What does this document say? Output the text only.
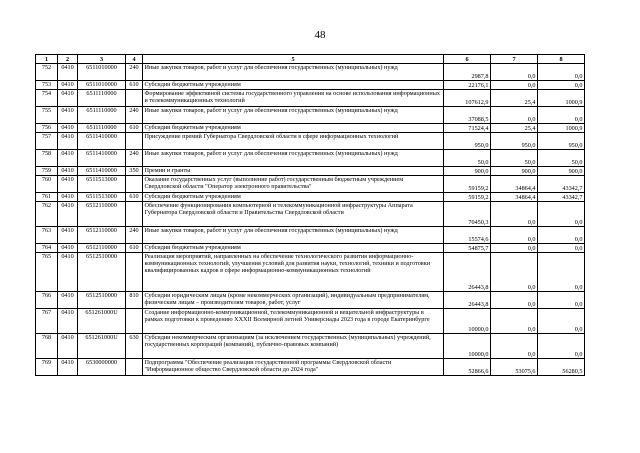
48
1	2	3	4	5	6	7	8
752	0410	6511010000	240	Иные закупки товаров, работ и услуг для обеспечения государственных (муниципальных) нужд	2987,8	0,0	0,0
753	0410	6511010000	610	Субсидии бюджетным учреждениям	22176,1	0,0	0,0
754	0410	6511110000		Формирование эффективной системы государственного управления на основе использования информационных и телекоммуникационных технологий	107612,9	25,4	1000,9
755	0410	6511110000	240	Иные закупки товаров, работ и услуг для обеспечения государственных (муниципальных) нужд	37088,5	0,0	0,0
756	0410	6511110000	610	Субсидии бюджетным учреждениям	71524,4	25,4	1000,9
757	0410	6511410000		Присуждение премий Губернатора Свердловской области в сфере информационных технологий	950,0	950,0	950,0
758	0410	6511410000	240	Иные закупки товаров, работ и услуг для обеспечения государственных (муниципальных) нужд	50,0	50,0	50,0
759	0410	6511410000	350	Премии и гранты	900,0	900,0	900,0
760	0410	6511513000		Оказание государственных услуг (выполнение работ) государственным бюджетным учреждением Свердловской области "Оператор электронного правительства"	59159,2	34864,4	43342,7
761	0410	6511513000	610	Субсидии бюджетным учреждениям	59159,2	34864,4	43342,7
762	0410	6512110000		Обеспечение функционирования компьютерной и телекоммуникационной инфраструктуры Аппарата Губернатора Свердловской области и Правительства Свердловской области	70450,3	0,0	0,0
763	0410	6512110000	240	Иные закупки товаров, работ и услуг для обеспечения государственных (муниципальных) нужд	15574,6	0,0	0,0
764	0410	6512110000	610	Субсидии бюджетным учреждениям	54875,7	0,0	0,0
765	0410	6512510000		Реализация мероприятий, направленных на обеспечение технологического развития информационно-коммуникационных технологий, улучшения условий для развития науки, технологий, техники и подготовки квалифицированных кадров в сфере информационно-коммуникационных технологий	26443,8	0,0	0,0
766	0410	6512510000	810	Субсидии юридическим лицам (кроме некоммерческих организаций), индивидуальным предпринимателям, физическим лицам – производителям товаров, работ, услуг	26443,8	0,0	0,0
767	0410	651261000U		Создание информационно-коммуникационной, телекоммуникационной и вещательной инфраструктуры в рамках подготовки к проведению XXXII Всемирной летней Универсиады 2023 года в городе Екатеринбурге	10000,0	0,0	0,0
768	0410	651261000U	630	Субсидии некоммерческим организациям (за исключением государственных (муниципальных) учреждений, государственных корпораций (компаний), публично-правовых компаний)	10000,0	0,0	0,0
769	0410	6530000000		Подпрограмма "Обеспечение реализации государственной программы Свердловской области "Информационное общество Свердловской области до 2024 года"	52866,6	53075,6	56280,5
